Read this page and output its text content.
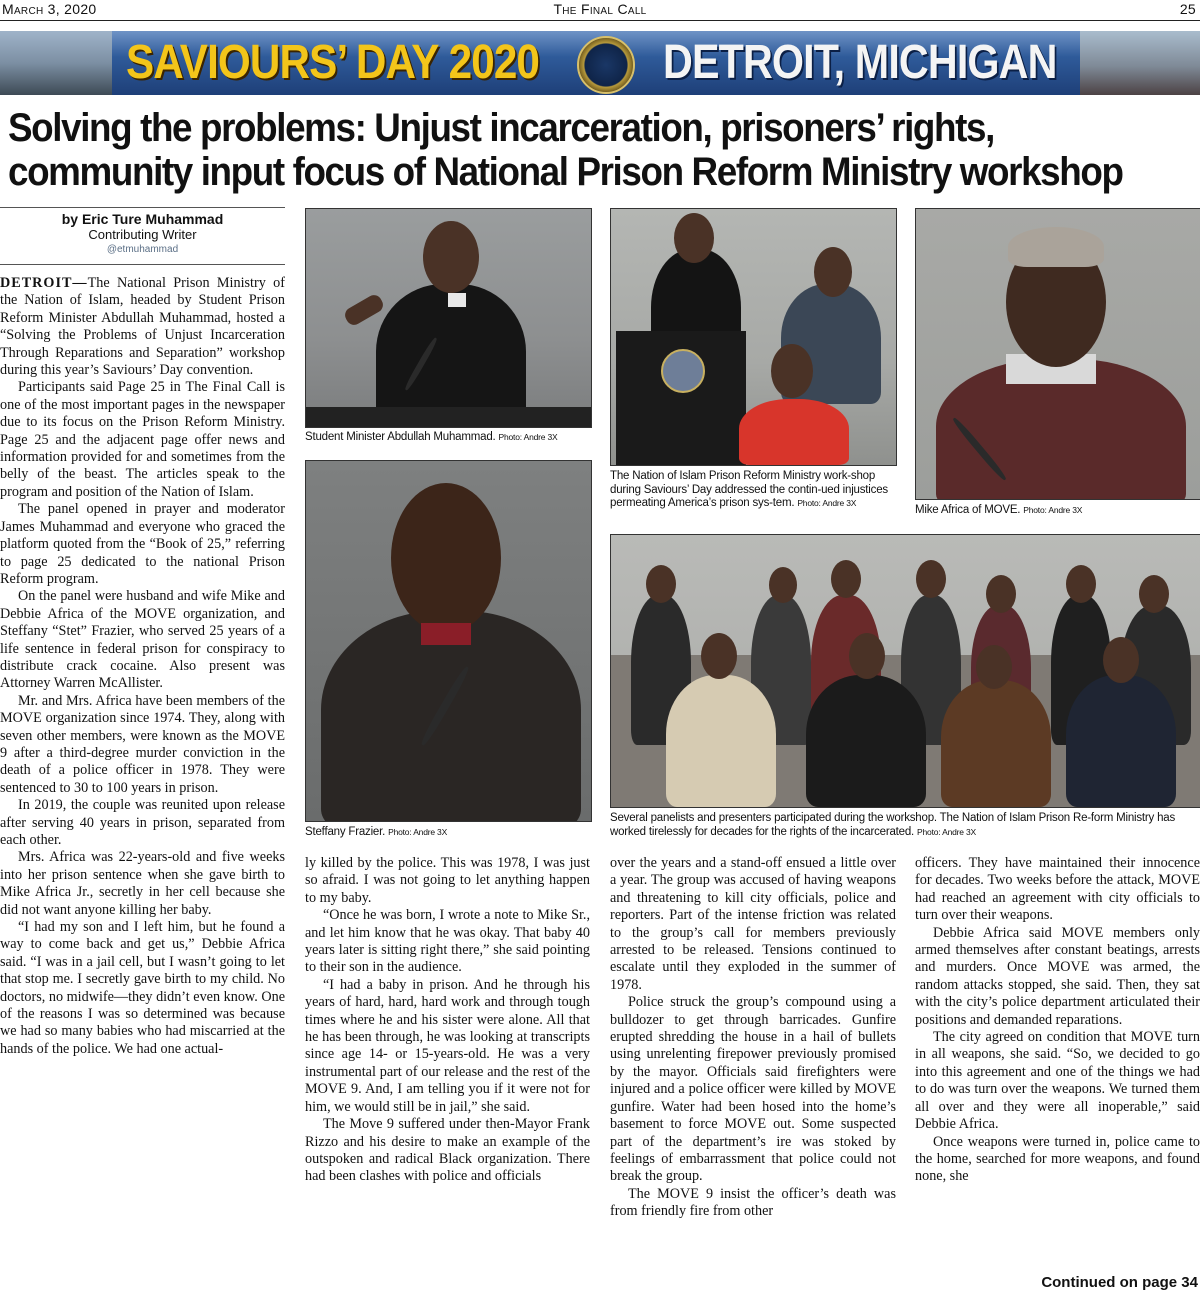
March 3, 2020	The Final Call	25
SAVIOURS’ DAY 2020	DETROIT, MICHIGAN
Solving the problems: Unjust incarceration, prisoners’ rights,
community input focus of National Prison Reform Ministry workshop
by Eric Ture Muhammad
Contributing Writer
@etmuhammad

DETROIT—The National Prison Ministry of the Nation of Islam, headed by Student Prison Reform Minister Abdullah Muhammad, hosted a “Solving the Problems of Unjust Incarceration Through Reparations and Separation” workshop during this year’s Saviours’ Day convention.

Participants said Page 25 in The Final Call is one of the most important pages in the newspaper due to its focus on the Prison Reform Ministry. Page 25 and the adjacent page offer news and information provided for and sometimes from the belly of the beast. The articles speak to the program and position of the Nation of Islam.

The panel opened in prayer and moderator James Muhammad and everyone who graced the platform quoted from the “Book of 25,” referring to page 25 dedicated to the national Prison Reform program.

On the panel were husband and wife Mike and Debbie Africa of the MOVE organization, and Steffany “Stet” Frazier, who served 25 years of a life sentence in federal prison for conspiracy to distribute crack cocaine. Also present was Attorney Warren McAllister.

Mr. and Mrs. Africa have been members of the MOVE organization since 1974. They, along with seven other members, were known as the MOVE 9 after a third-degree murder conviction in the death of a police officer in 1978. They were sentenced to 30 to 100 years in prison.

In 2019, the couple was reunited upon release after serving 40 years in prison, separated from each other.

Mrs. Africa was 22-years-old and five weeks into her prison sentence when she gave birth to Mike Africa Jr., secretly in her cell because she did not want anyone killing her baby.

“I had my son and I left him, but he found a way to come back and get us,” Debbie Africa said. “I was in a jail cell, but I wasn’t going to let that stop me. I secretly gave birth to my child. No doctors, no midwife—they didn’t even know. One of the reasons I was so determined was because we had so many babies who had miscarried at the hands of the police. We had one actual-

Student Minister Abdullah Muhammad. Photo: Andre 3X
The Nation of Islam Prison Reform Ministry work-shop during Saviours’ Day addressed the contin-ued injustices permeating America’s prison sys-tem. Photo: Andre 3X
Mike Africa of MOVE. Photo: Andre 3X
Steffany Frazier. Photo: Andre 3X
Several panelists and presenters participated during the workshop. The Nation of Islam Prison Re-form Ministry has worked tirelessly for decades for the rights of the incarcerated. Photo: Andre 3X

ly killed by the police. This was 1978, I was just so afraid. I was not going to let anything happen to my baby.

“Once he was born, I wrote a note to Mike Sr., and let him know that he was okay. That baby 40 years later is sitting right there,” she said pointing to their son in the audience.

“I had a baby in prison. And he through his years of hard, hard, hard work and through tough times where he and his sister were alone. All that he has been through, he was looking at transcripts since age 14- or 15-years-old. He was a very instrumental part of our release and the rest of the MOVE 9. And, I am telling you if it were not for him, we would still be in jail,” she said.

The Move 9 suffered under then-Mayor Frank Rizzo and his desire to make an example of the outspoken and radical Black organization. There had been clashes with police and officials

over the years and a stand-off ensued a little over a year. The group was accused of having weapons and threatening to kill city officials, police and reporters. Part of the intense friction was related to the group’s call for members previously arrested to be released. Tensions continued to escalate until they exploded in the summer of 1978.

Police struck the group’s compound using a bulldozer to get through barricades. Gunfire erupted shredding the house in a hail of bullets using unrelenting firepower previously promised by the mayor. Officials said firefighters were injured and a police officer were killed by MOVE gunfire. Water had been hosed into the home’s basement to force MOVE out. Some suspected part of the department’s ire was stoked by feelings of embarrassment that police could not break the group.

The MOVE 9 insist the officer’s death was from friendly fire from other

officers. They have maintained their innocence for decades. Two weeks before the attack, MOVE had reached an agreement with city officials to turn over their weapons.

Debbie Africa said MOVE members only armed themselves after constant beatings, arrests and murders. Once MOVE was armed, the random attacks stopped, she said. Then, they sat with the city’s police department articulated their positions and demanded reparations.

The city agreed on condition that MOVE turn in all weapons, she said. “So, we decided to go into this agreement and one of the things we had to do was turn over the weapons. We turned them all over and they were all inoperable,” said Debbie Africa.

Once weapons were turned in, police came to the home, searched for more weapons, and found none, she

Continued on page 34
